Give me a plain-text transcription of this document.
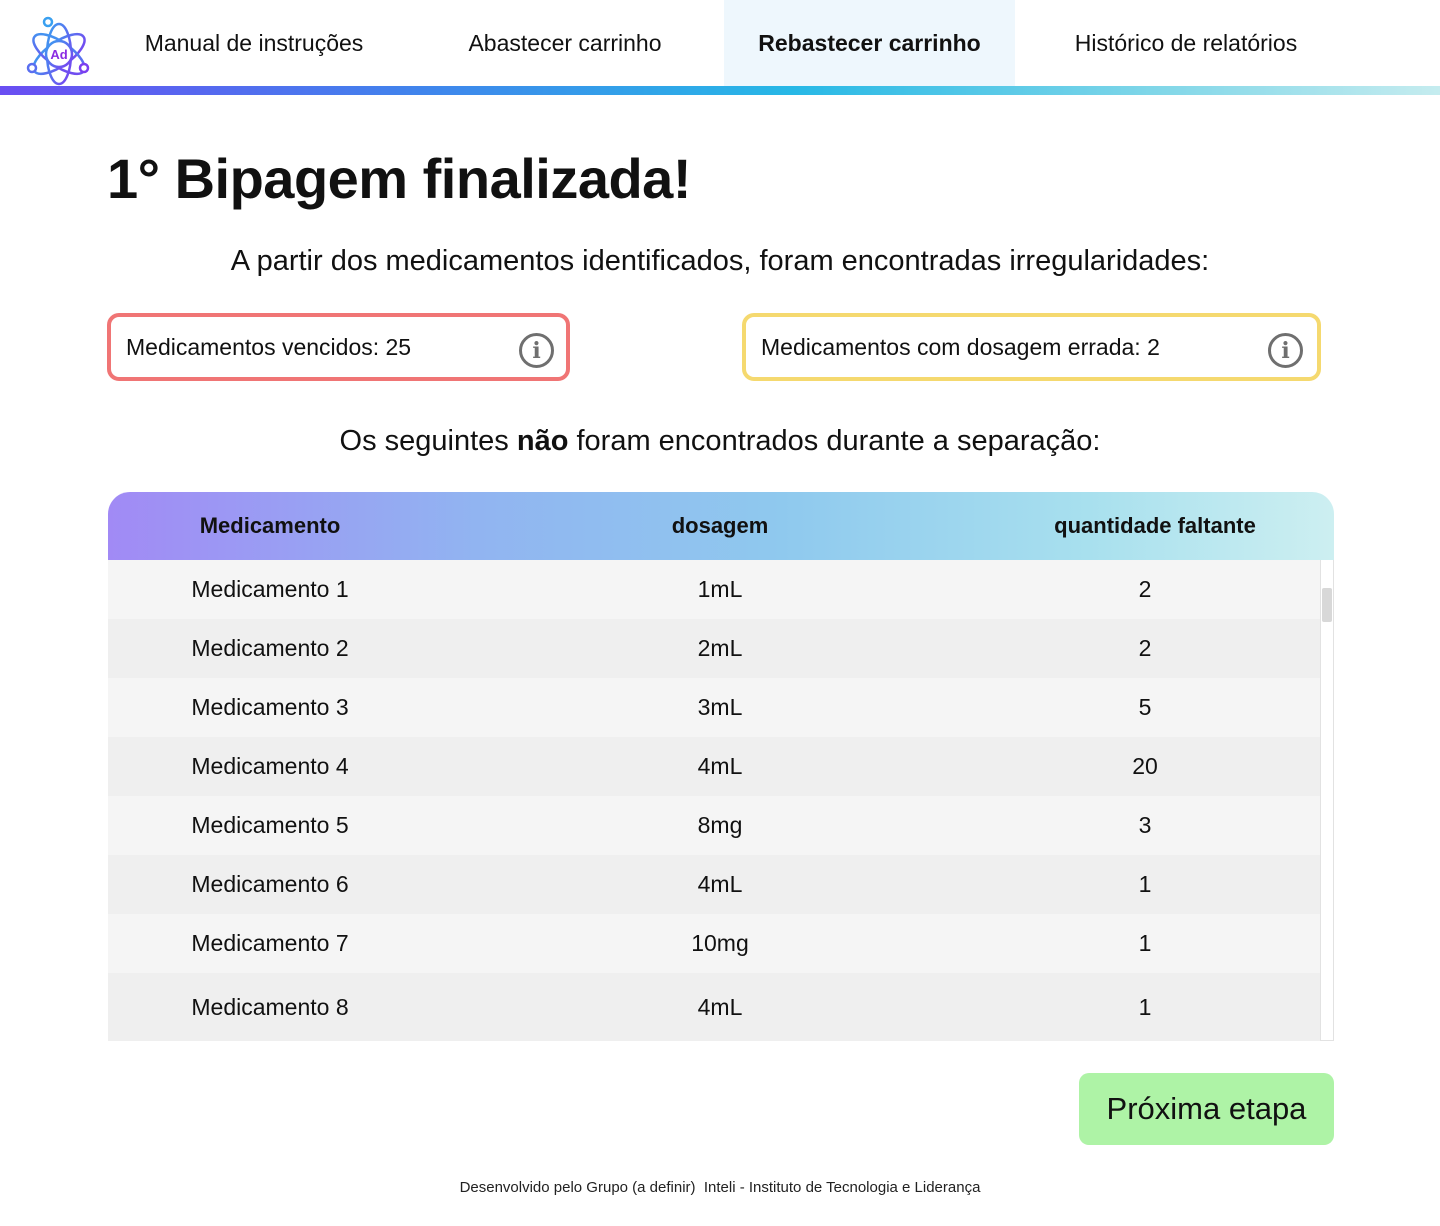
Ad	Manual de instruções	Abastecer carrinho	Rebastecer carrinho	Histórico de relatórios
1° Bipagem finalizada!

A partir dos medicamentos identificados, foram encontradas irregularidades:

Medicamentos vencidos: 25	i	Medicamentos com dosagem errada: 2	i

Os seguintes não foram encontrados durante a separação:

Medicamento	dosagem	quantidade faltante
Medicamento 1	1mL	2
Medicamento 2	2mL	2
Medicamento 3	3mL	5
Medicamento 4	4mL	20
Medicamento 5	8mg	3
Medicamento 6	4mL	1
Medicamento 7	10mg	1
Medicamento 8	4mL	1
Próxima etapa
Desenvolvido pelo Grupo (a definir)  Inteli - Instituto de Tecnologia e Liderança
